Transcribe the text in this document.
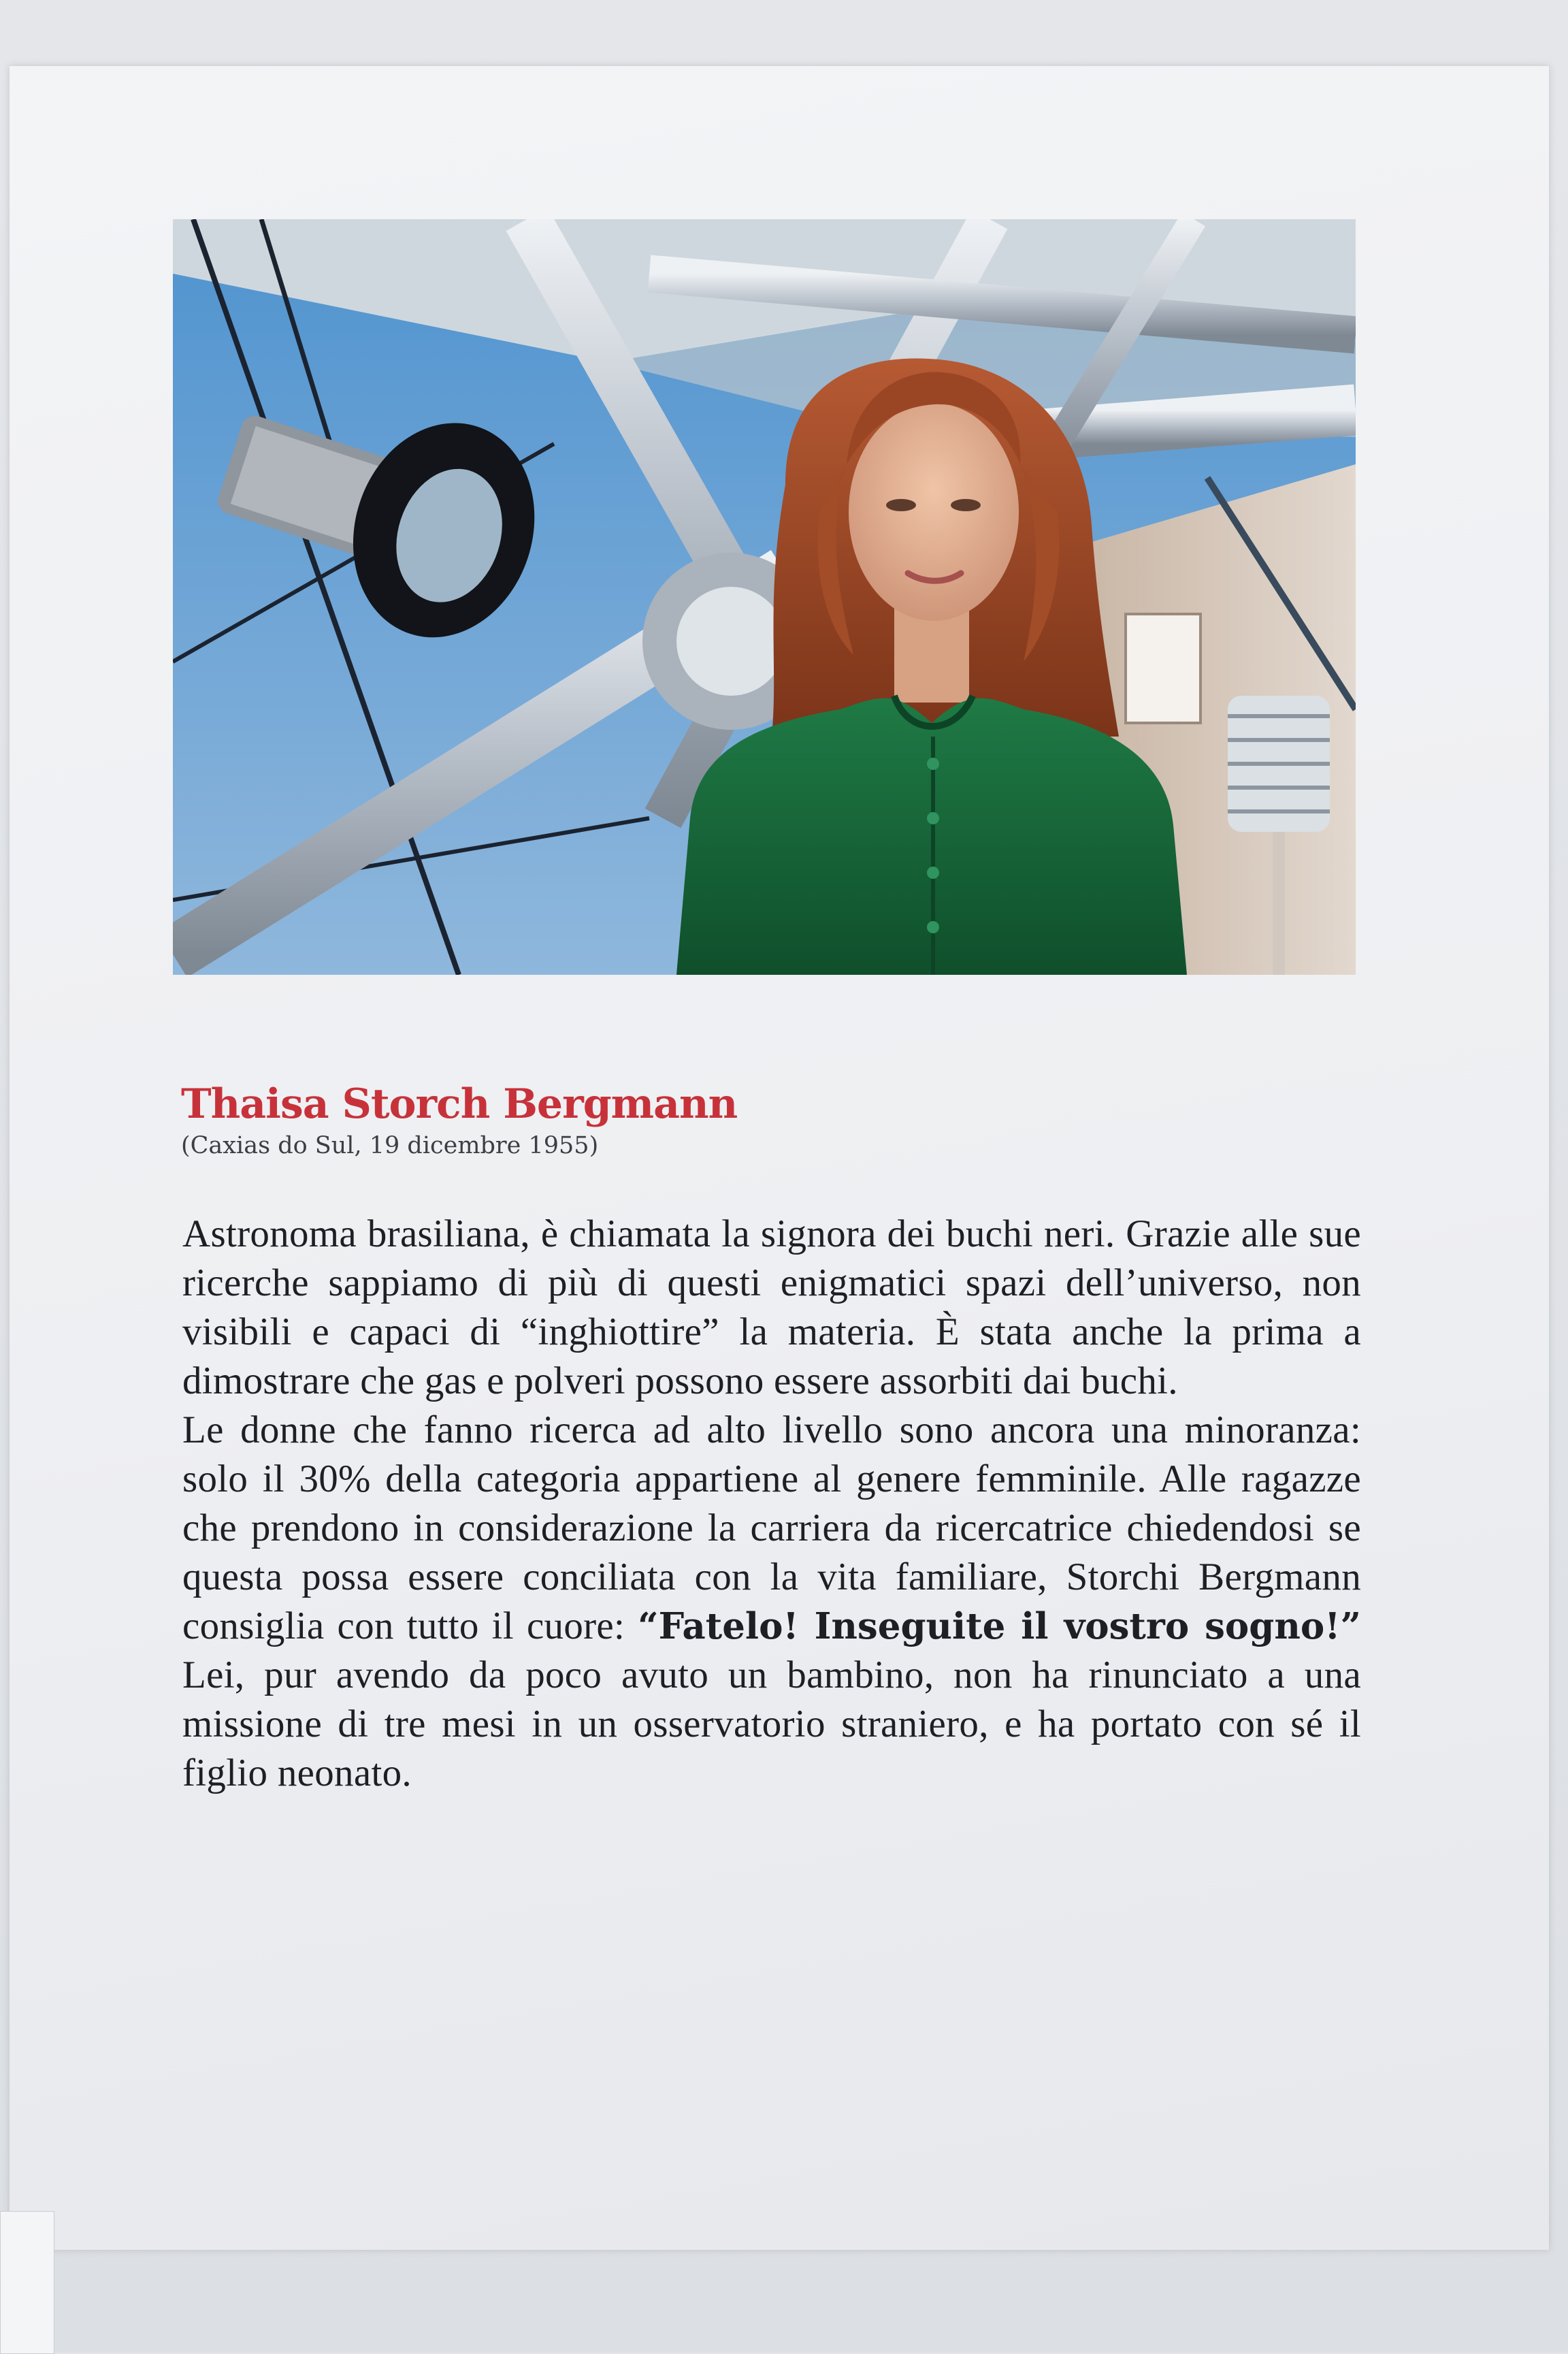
Thaisa Storch Bergmann
(Caxias do Sul, 19 dicembre 1955)

Astronoma brasiliana, è chiamata la signora dei buchi neri. Grazie alle sue ricerche sappiamo di più di questi enigmatici spazi dell’universo, non visibili e capaci di “inghiottire” la materia. È stata anche la prima a dimostrare che gas e polveri possono essere assorbiti dai buchi.

Le donne che fanno ricerca ad alto livello sono ancora una minoranza: solo il 30% della categoria appartiene al genere femminile. Alle ragazze che prendono in considerazione la carriera da ricercatrice chiedendosi se questa possa essere conciliata con la vita familiare, Storchi Bergmann consiglia con tutto il cuore: “Fatelo! Inseguite il vostro sogno!” Lei, pur avendo da poco avuto un bambino, non ha rinunciato a una missione di tre mesi in un osservatorio straniero, e ha portato con sé il figlio neonato.
